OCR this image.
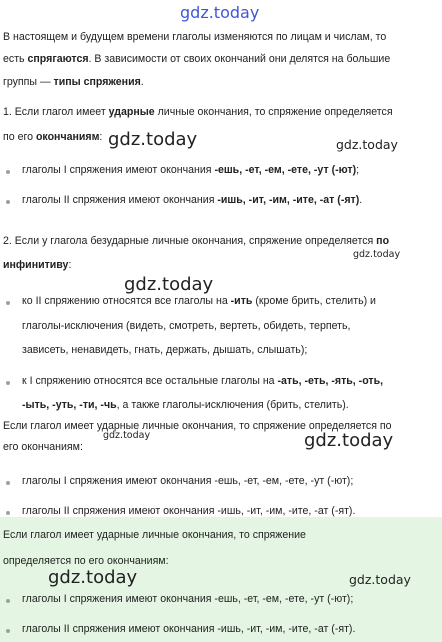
gdz.today
gdz.today	gdz.today
gdz.today
gdz.today
gdz.today	gdz.today
gdz.today	gdz.today
В настоящем и будущем времени глаголы изменяются по лицам и числам, то
есть спрягаются. В зависимости от своих окончаний они делятся на большие
группы — типы спряжения.
1. Если глагол имеет ударные личные окончания, то спряжение определяется
по его окончаниям:
глаголы I спряжения имеют окончания -ешь, -ет, -ем, -ете, -ут (-ют);
глаголы II спряжения имеют окончания -ишь, -ит, -им, -ите, -ат (-ят).
2. Если у глагола безударные личные окончания, спряжение определяется по
инфинитиву:
ко II спряжению относятся все глаголы на -ить (кроме брить, стелить) и
глаголы-исключения (видеть, смотреть, вертеть, обидеть, терпеть,
зависеть, ненавидеть, гнать, держать, дышать, слышать);
к I спряжению относятся все остальные глаголы на -ать, -еть, -ять, -оть,
-ыть, -уть, -ти, -чь, а также глаголы-исключения (брить, стелить).
Если глагол имеет ударные личные окончания, то спряжение определяется по
его окончаниям:
глаголы I спряжения имеют окончания -ешь, -ет, -ем, -ете, -ут (-ют);
глаголы II спряжения имеют окончания -ишь, -ит, -им, -ите, -ат (-ят).
Если глагол имеет ударные личные окончания, то спряжение
определяется по его окончаниям:
глаголы I спряжения имеют окончания -ешь, -ет, -ем, -ете, -ут (-ют);
глаголы II спряжения имеют окончания -ишь, -ит, -им, -ите, -ат (-ят).
